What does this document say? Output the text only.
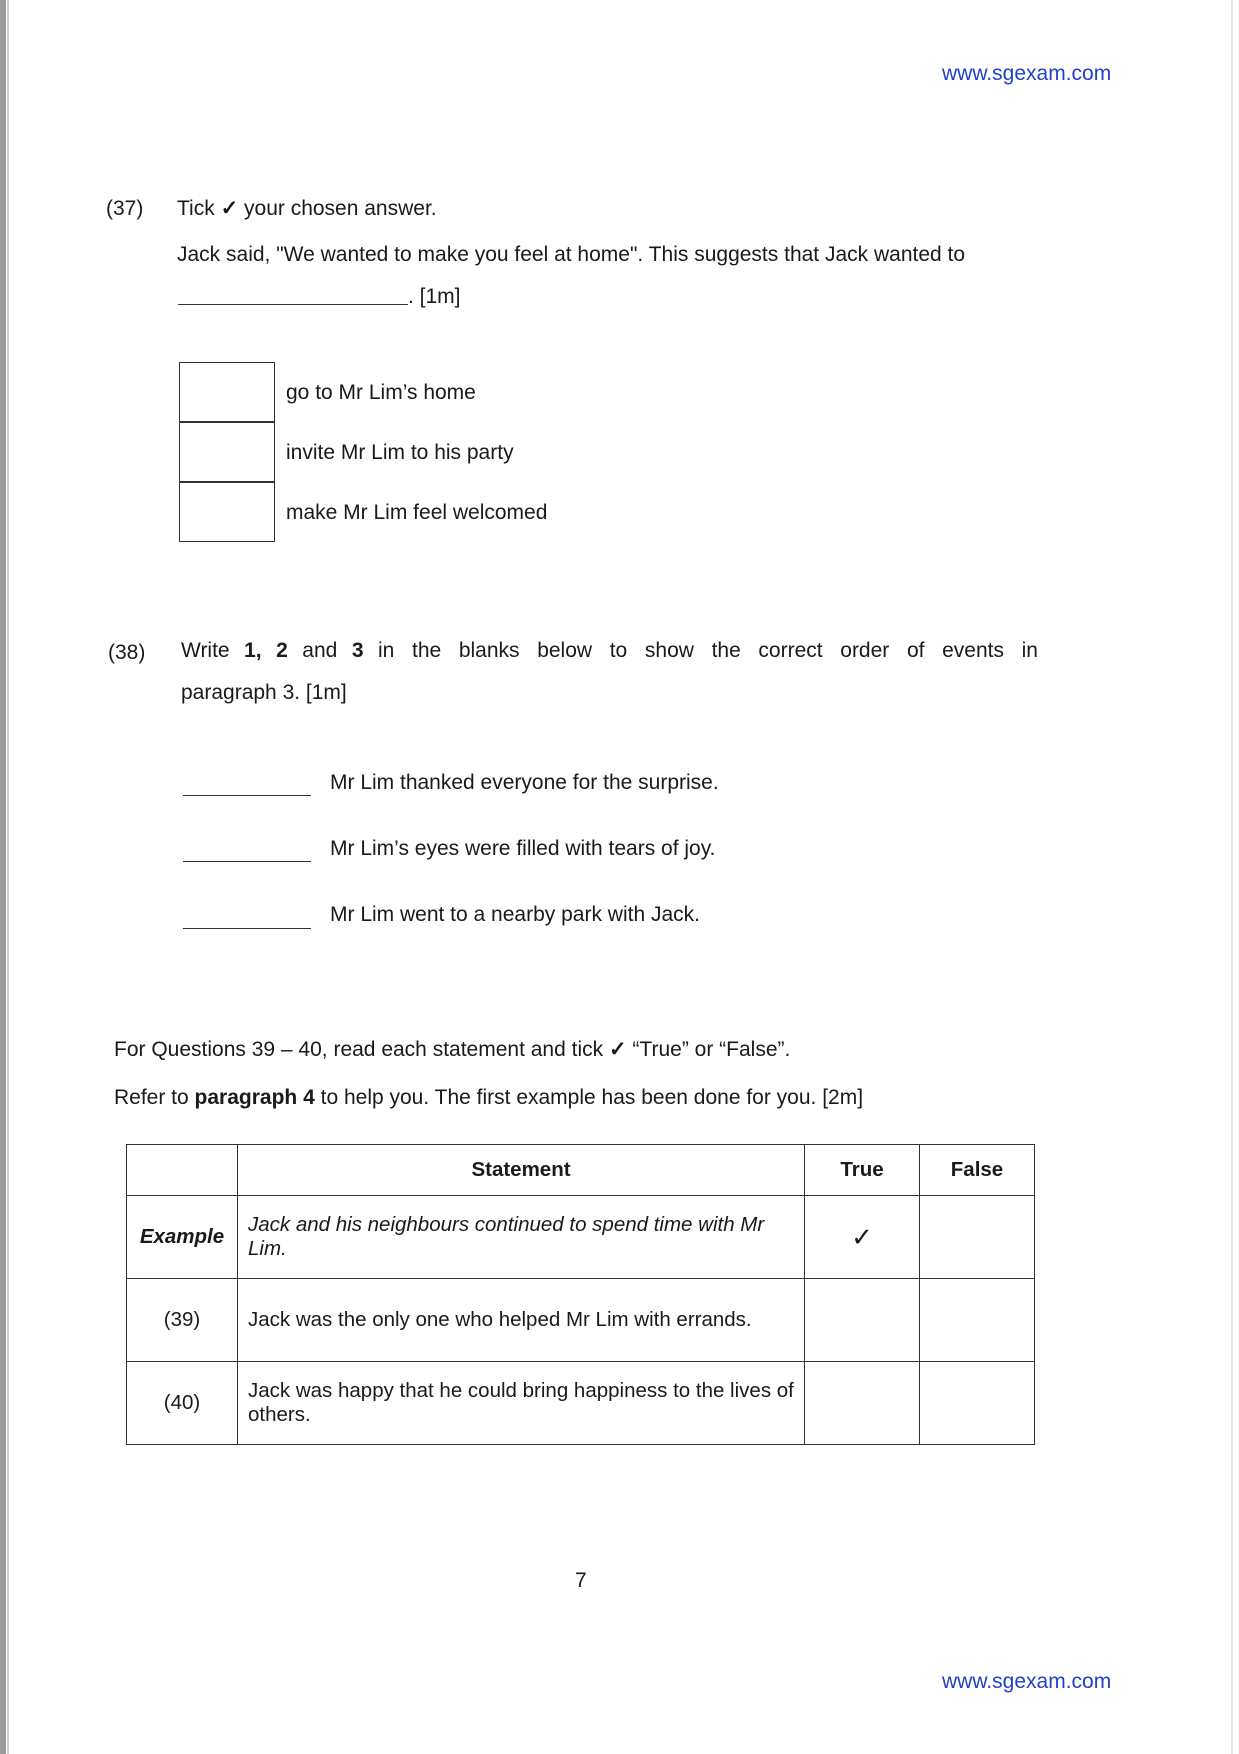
www.sgexam.com
(37) Tick ✓ your chosen answer.
Jack said, "We wanted to make you feel at home". This suggests that Jack wanted to
. [1m]
go to Mr Lim’s home
invite Mr Lim to his party
make Mr Lim feel welcomed
(38) Write 1, 2 and 3 in the blanks below to show the correct order of events in
paragraph 3. [1m]
Mr Lim thanked everyone for the surprise.
Mr Lim’s eyes were filled with tears of joy.
Mr Lim went to a nearby park with Jack.
For Questions 39 – 40, read each statement and tick ✓ “True” or “False”.
Refer to paragraph 4 to help you. The first example has been done for you. [2m]
	Statement	True	False
Example	Jack and his neighbours continued to spend time with Mr Lim.	✓	
(39)	Jack was the only one who helped Mr Lim with errands.		
(40)	Jack was happy that he could bring happiness to the lives of others.		
7
www.sgexam.com
